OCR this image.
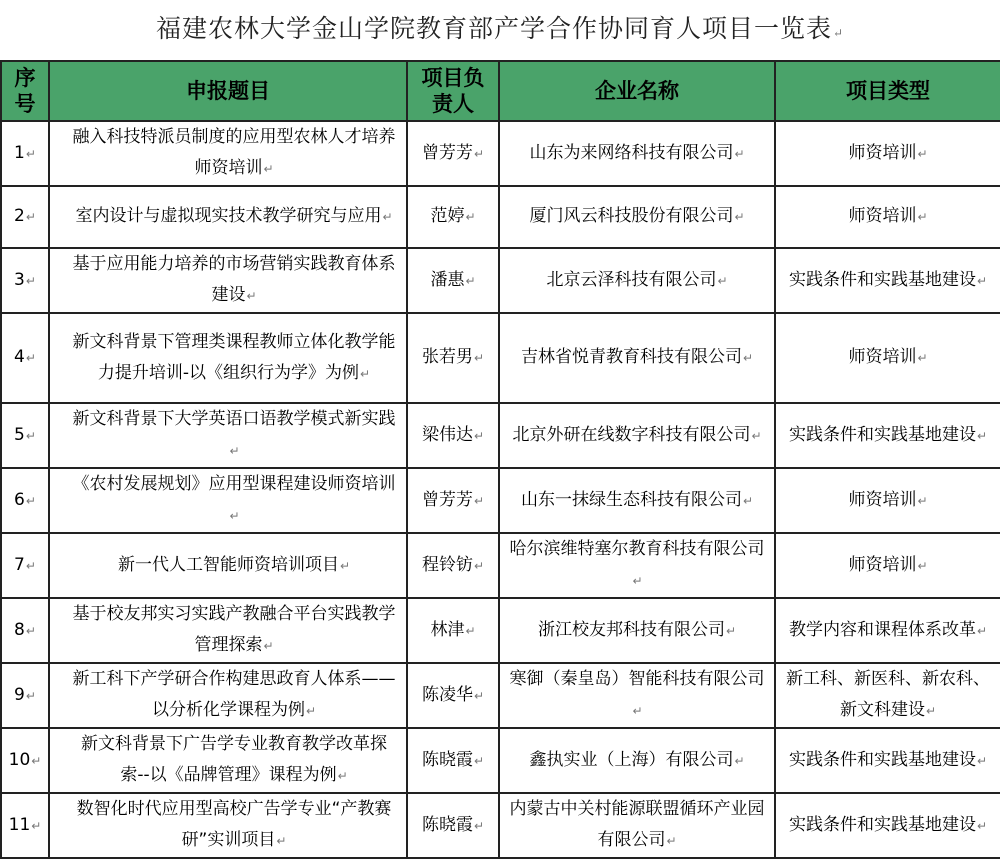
福建农林大学金山学院教育部产学合作协同育人项目一览表↵
序号	申报题目	项目负责人	企业名称	项目类型
1↵	融入科技特派员制度的应用型农林人才培养师资培训↵	曾芳芳↵	山东为来网络科技有限公司↵	师资培训↵
2↵	室内设计与虚拟现实技术教学研究与应用↵	范婷↵	厦门风云科技股份有限公司↵	师资培训↵
3↵	基于应用能力培养的市场营销实践教育体系建设↵	潘惠↵	北京云泽科技有限公司↵	实践条件和实践基地建设↵
4↵	新文科背景下管理类课程教师立体化教学能力提升培训-以《组织行为学》为例↵	张若男↵	吉林省悦青教育科技有限公司↵	师资培训↵
5↵	新文科背景下大学英语口语教学模式新实践↵	梁伟达↵	北京外研在线数字科技有限公司↵	实践条件和实践基地建设↵
6↵	《农村发展规划》应用型课程建设师资培训↵	曾芳芳↵	山东一抹绿生态科技有限公司↵	师资培训↵
7↵	新一代人工智能师资培训项目↵	程铃钫↵	哈尔滨维特塞尔教育科技有限公司↵	师资培训↵
8↵	基于校友邦实习实践产教融合平台实践教学管理探索↵	林津↵	浙江校友邦科技有限公司↵	教学内容和课程体系改革↵
9↵	新工科下产学研合作构建思政育人体系——以分析化学课程为例↵	陈凌华↵	寒御（秦皇岛）智能科技有限公司↵	新工科、新医科、新农科、新文科建设↵
10↵	新文科背景下广告学专业教育教学改革探索--以《品牌管理》课程为例↵	陈晓霞↵	鑫执实业（上海）有限公司↵	实践条件和实践基地建设↵
11↵	数智化时代应用型高校广告学专业“产教赛研”实训项目↵	陈晓霞↵	内蒙古中关村能源联盟循环产业园有限公司↵	实践条件和实践基地建设↵
